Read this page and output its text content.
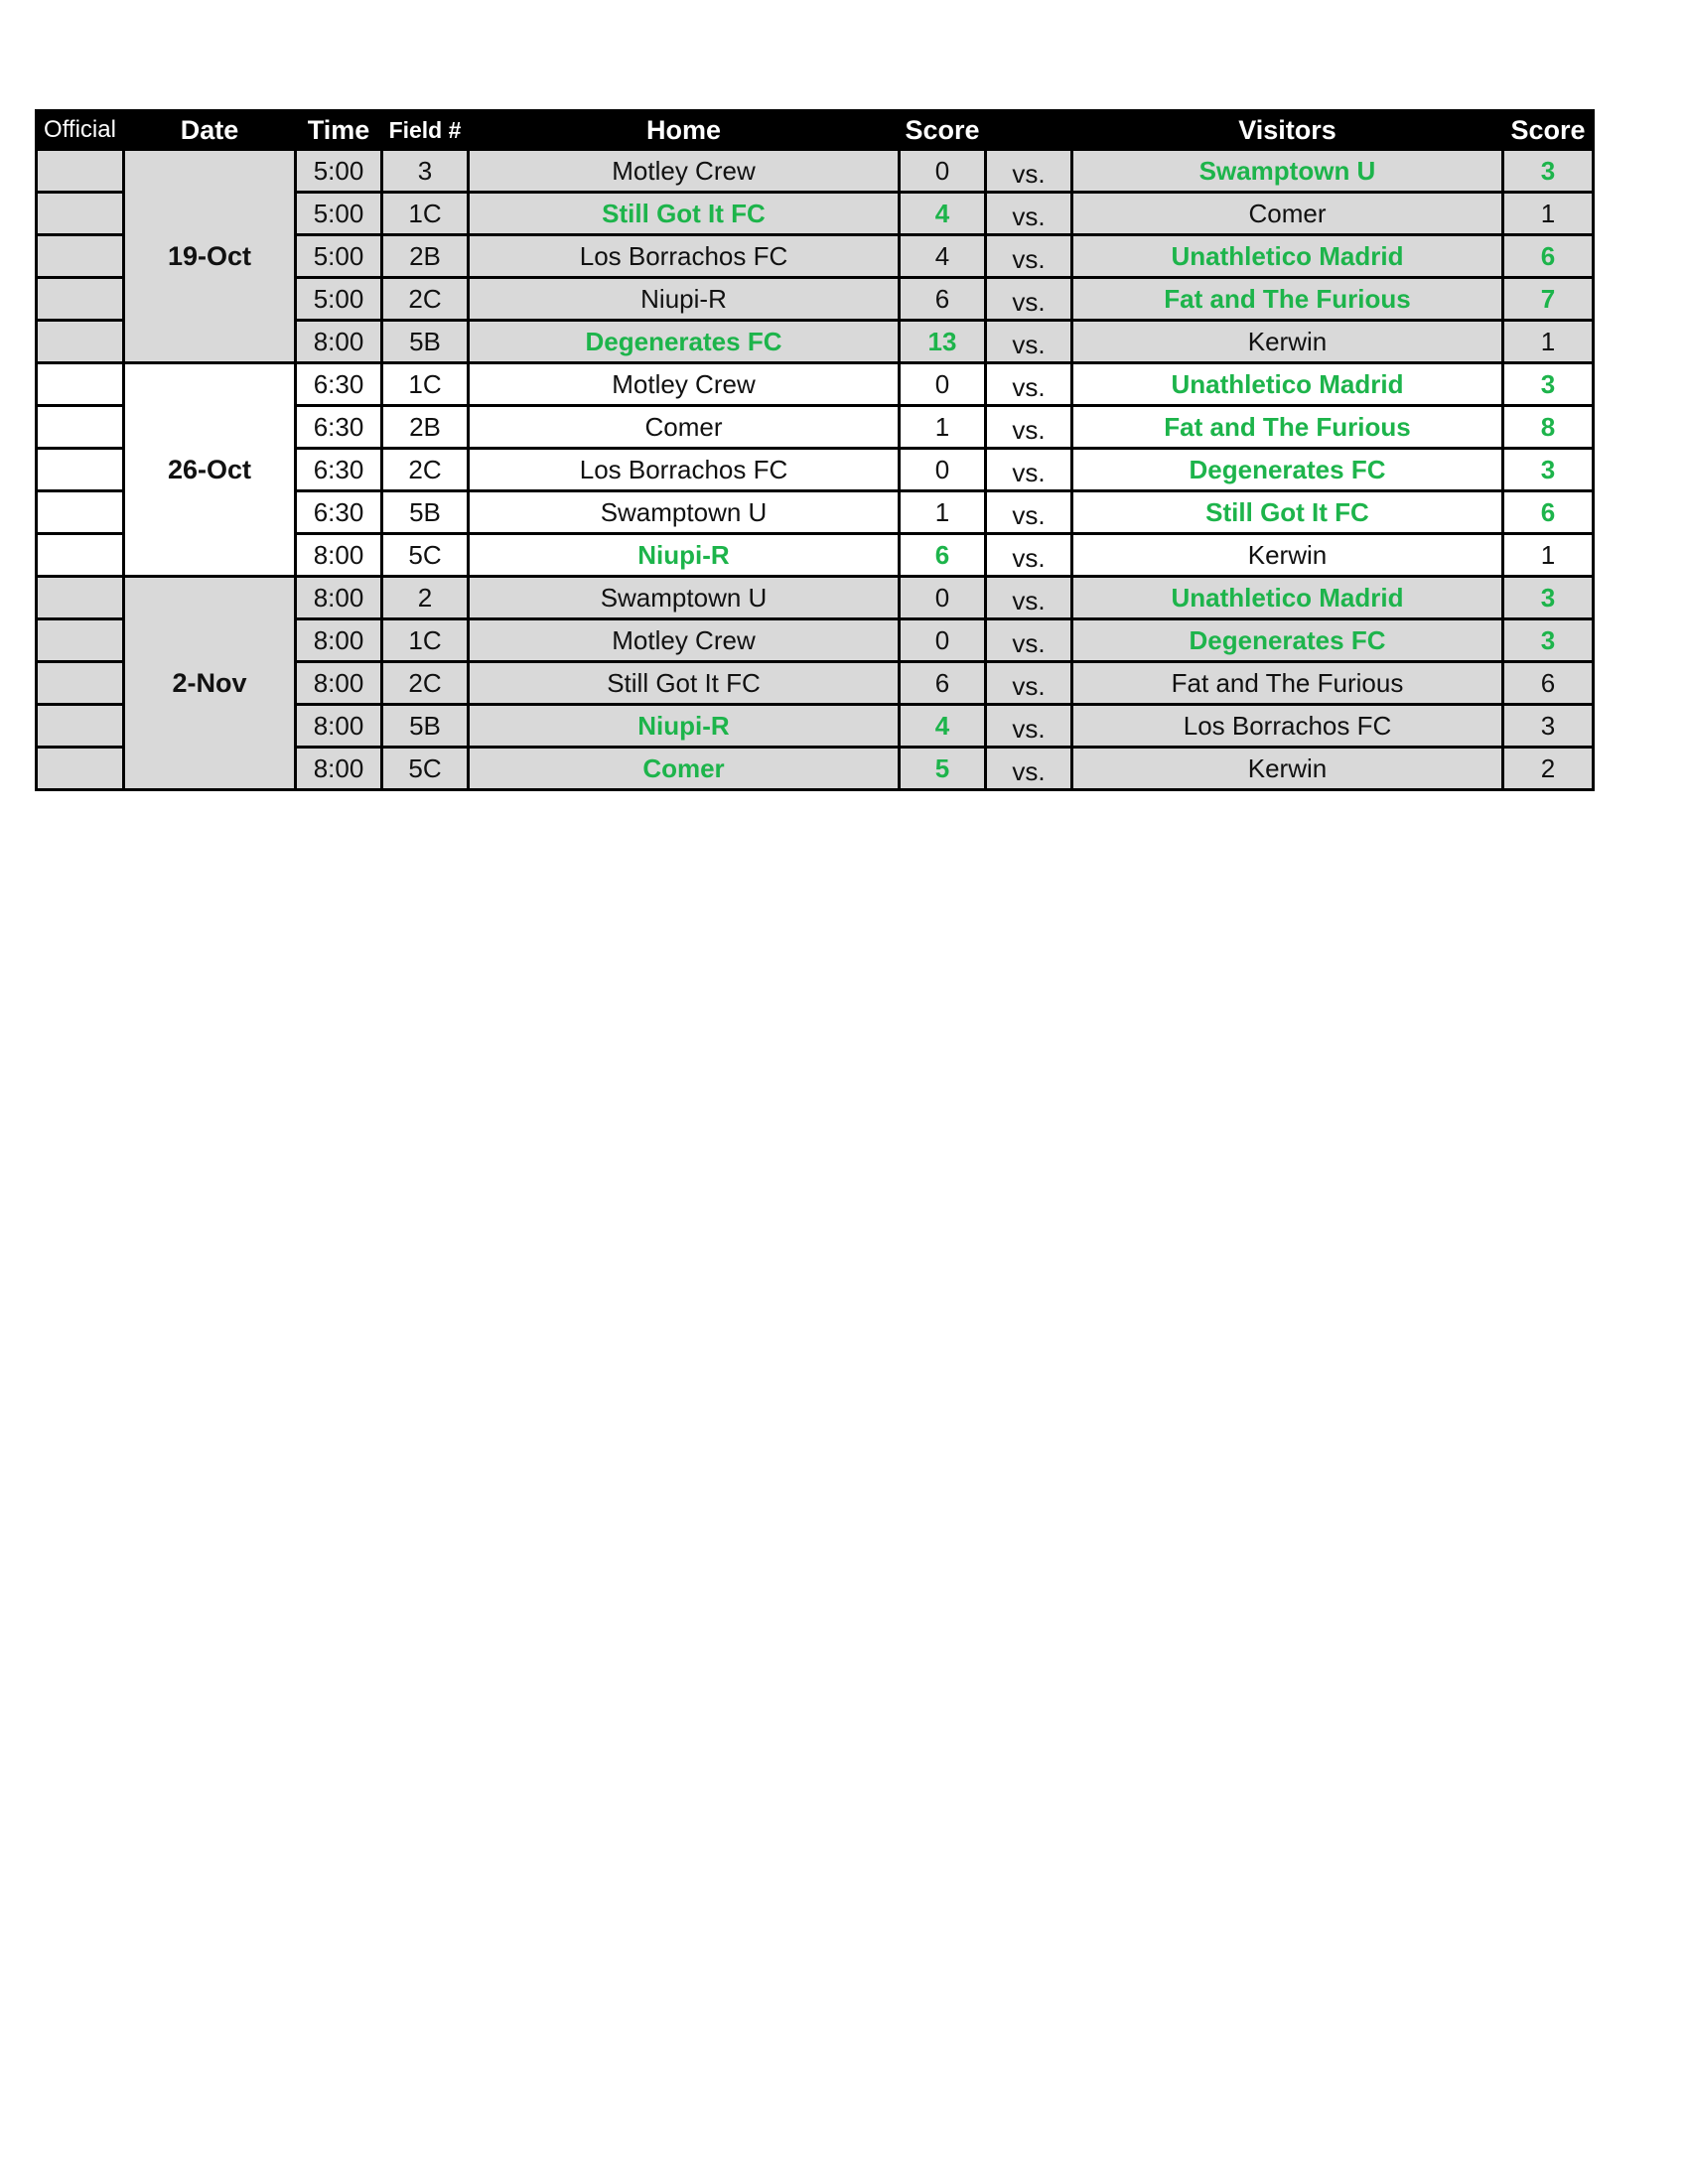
Official	Date	Time	Field #	Home	Score		Visitors	Score
	19-Oct	5:00	3	Motley Crew	0	vs.	Swamptown U	3
		5:00	1C	Still Got It FC	4	vs.	Comer	1
		5:00	2B	Los Borrachos FC	4	vs.	Unathletico Madrid	6
		5:00	2C	Niupi-R	6	vs.	Fat and The Furious	7
		8:00	5B	Degenerates FC	13	vs.	Kerwin	1
	26-Oct	6:30	1C	Motley Crew	0	vs.	Unathletico Madrid	3
		6:30	2B	Comer	1	vs.	Fat and The Furious	8
		6:30	2C	Los Borrachos FC	0	vs.	Degenerates FC	3
		6:30	5B	Swamptown U	1	vs.	Still Got It FC	6
		8:00	5C	Niupi-R	6	vs.	Kerwin	1
	2-Nov	8:00	2	Swamptown U	0	vs.	Unathletico Madrid	3
		8:00	1C	Motley Crew	0	vs.	Degenerates FC	3
		8:00	2C	Still Got It FC	6	vs.	Fat and The Furious	6
		8:00	5B	Niupi-R	4	vs.	Los Borrachos FC	3
		8:00	5C	Comer	5	vs.	Kerwin	2
